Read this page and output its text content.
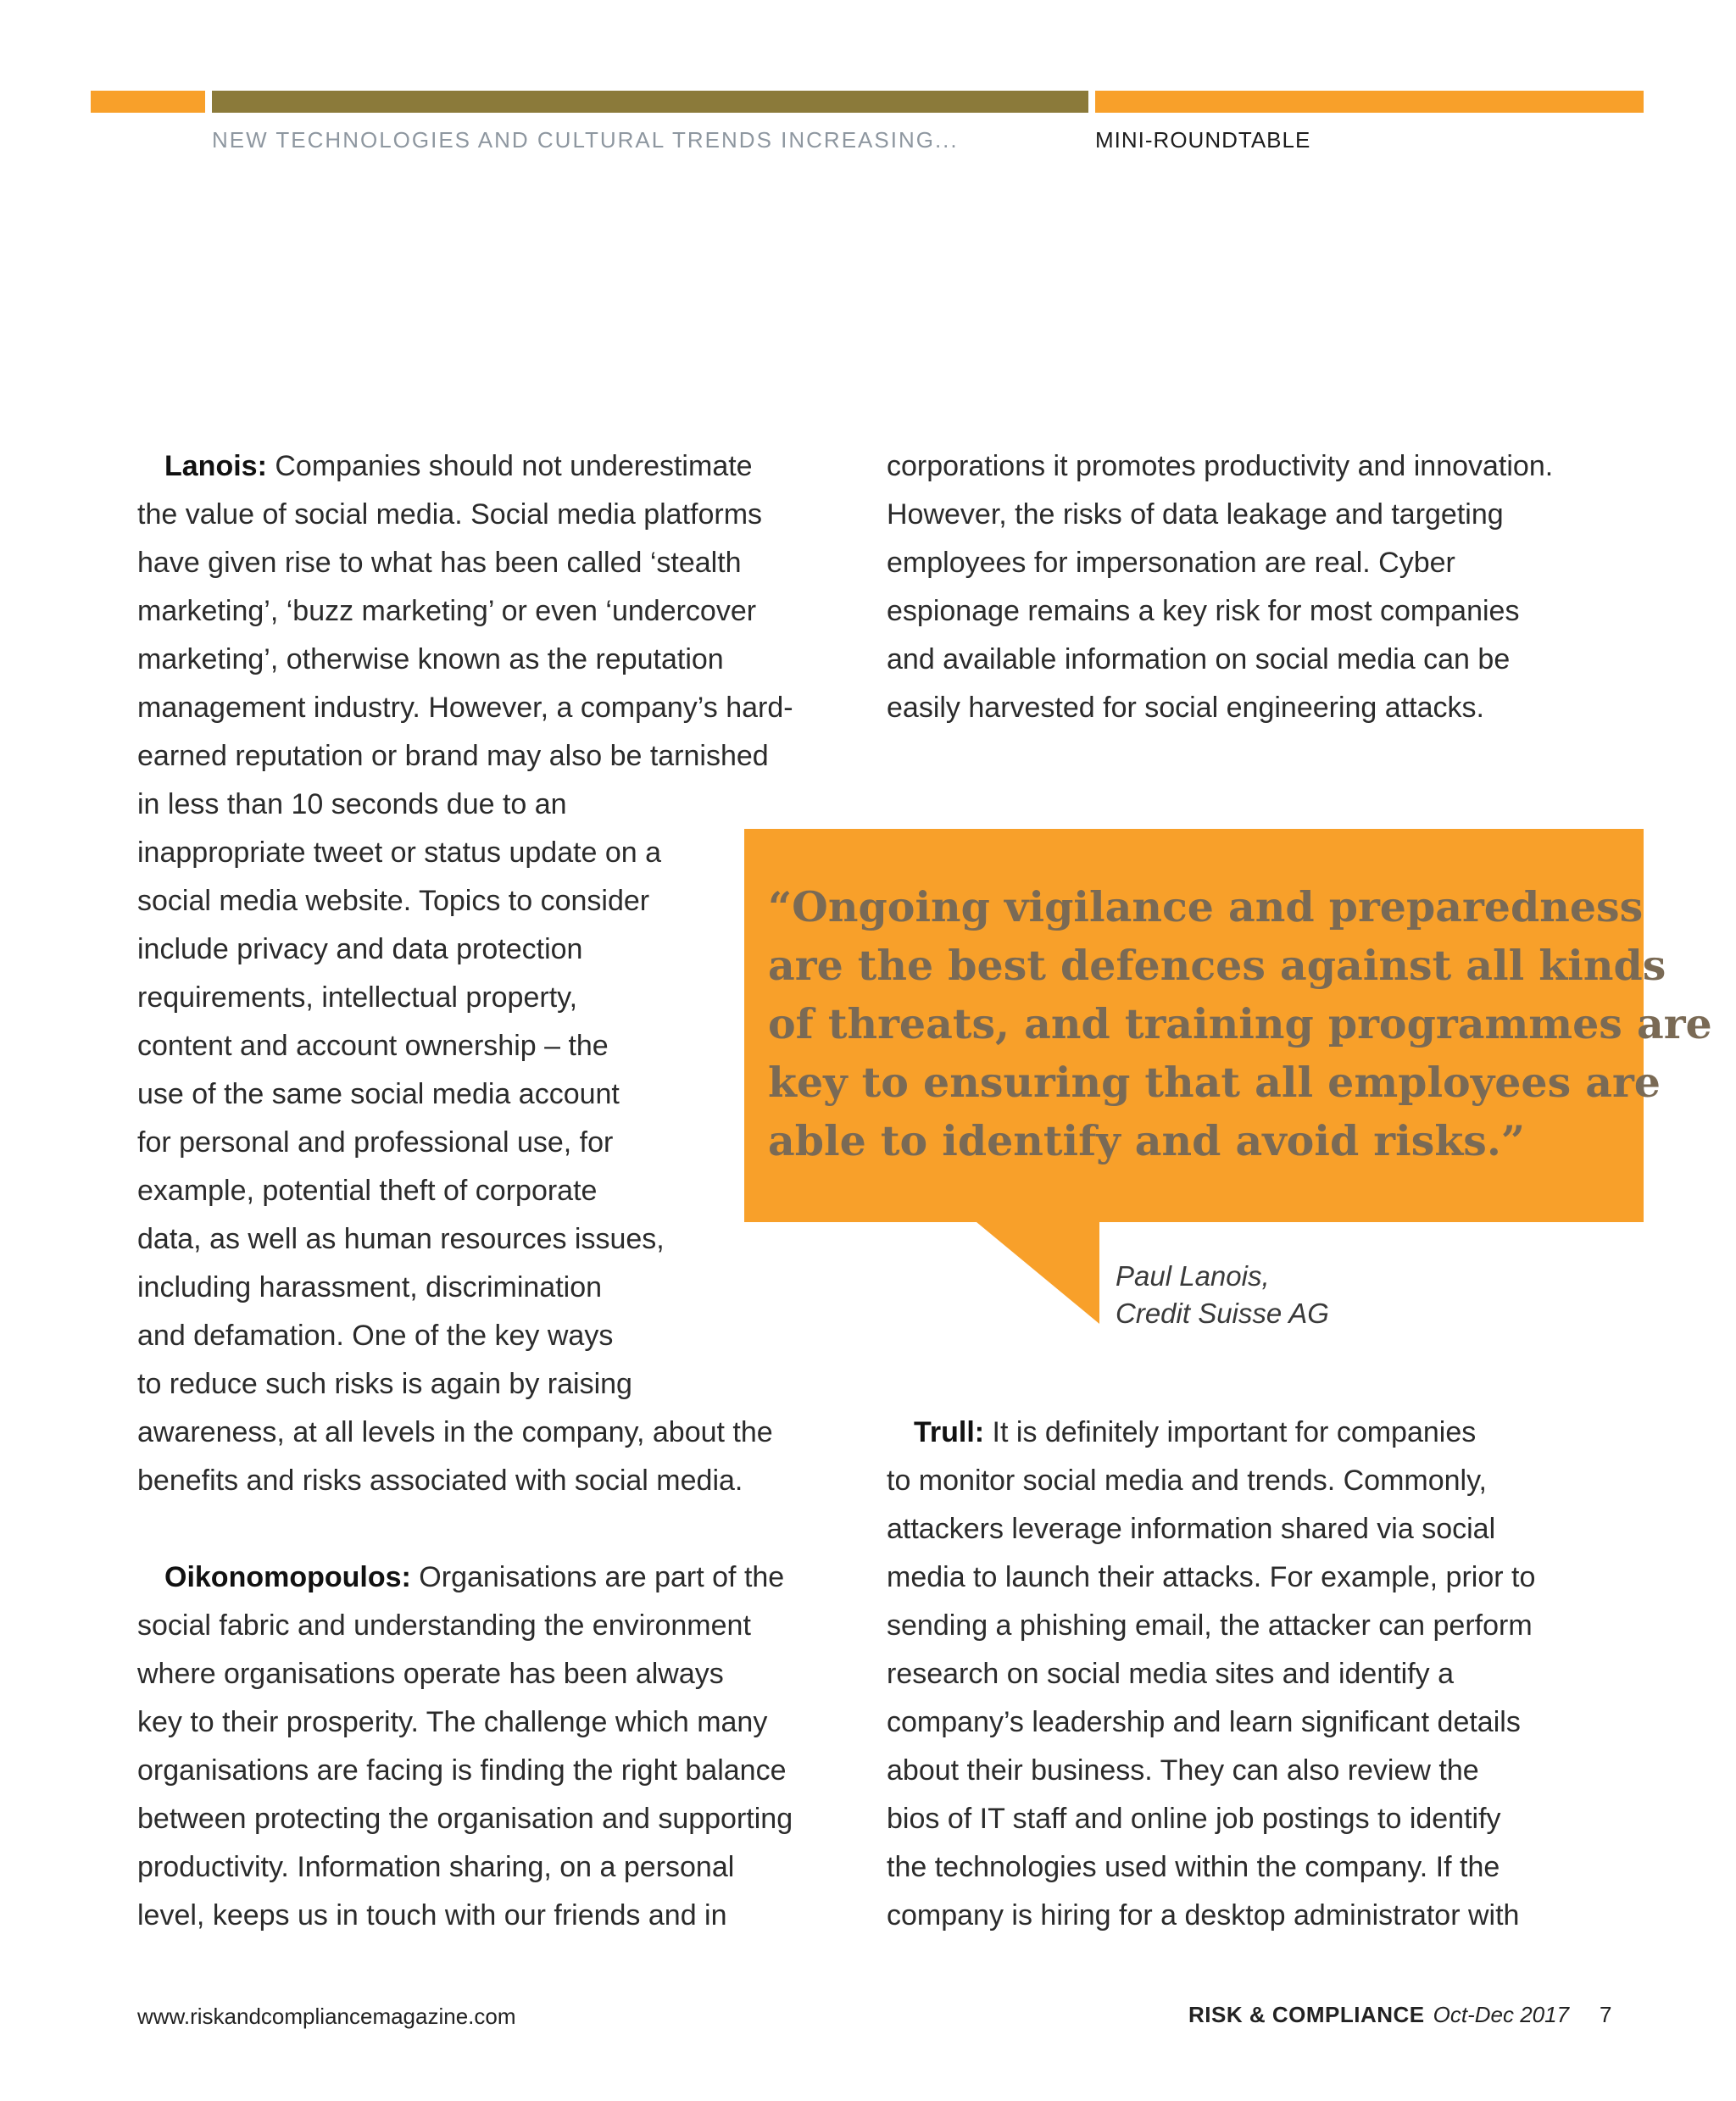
NEW TECHNOLOGIES AND CULTURAL TRENDS INCREASING...	MINI-ROUNDTABLE

Lanois: Companies should not underestimate
the value of social media. Social media platforms
have given rise to what has been called ‘stealth
marketing’, ‘buzz marketing’ or even ‘undercover
marketing’, otherwise known as the reputation
management industry. However, a company’s hard-
earned reputation or brand may also be tarnished
in less than 10 seconds due to an
inappropriate tweet or status update on a
social media website. Topics to consider
include privacy and data protection
requirements, intellectual property,
content and account ownership – the
use of the same social media account
for personal and professional use, for
example, potential theft of corporate
data, as well as human resources issues,
including harassment, discrimination
and defamation. One of the key ways
to reduce such risks is again by raising
awareness, at all levels in the company, about the
benefits and risks associated with social media.

Oikonomopoulos: Organisations are part of the
social fabric and understanding the environment
where organisations operate has been always
key to their prosperity. The challenge which many
organisations are facing is finding the right balance
between protecting the organisation and supporting
productivity. Information sharing, on a personal
level, keeps us in touch with our friends and in

corporations it promotes productivity and innovation.
However, the risks of data leakage and targeting
employees for impersonation are real. Cyber
espionage remains a key risk for most companies
and available information on social media can be
easily harvested for social engineering attacks.

Trull: It is definitely important for companies
to monitor social media and trends. Commonly,
attackers leverage information shared via social
media to launch their attacks. For example, prior to
sending a phishing email, the attacker can perform
research on social media sites and identify a
company’s leadership and learn significant details
about their business. They can also review the
bios of IT staff and online job postings to identify
the technologies used within the company. If the
company is hiring for a desktop administrator with

“Ongoing vigilance and preparedness
are the best defences against all kinds
of threats, and training programmes are
key to ensuring that all employees are
able to identify and avoid risks.”

Paul Lanois,
Credit Suisse AG
www.riskandcompliancemagazine.com	RISK & COMPLIANCE Oct-Dec 2017 7
